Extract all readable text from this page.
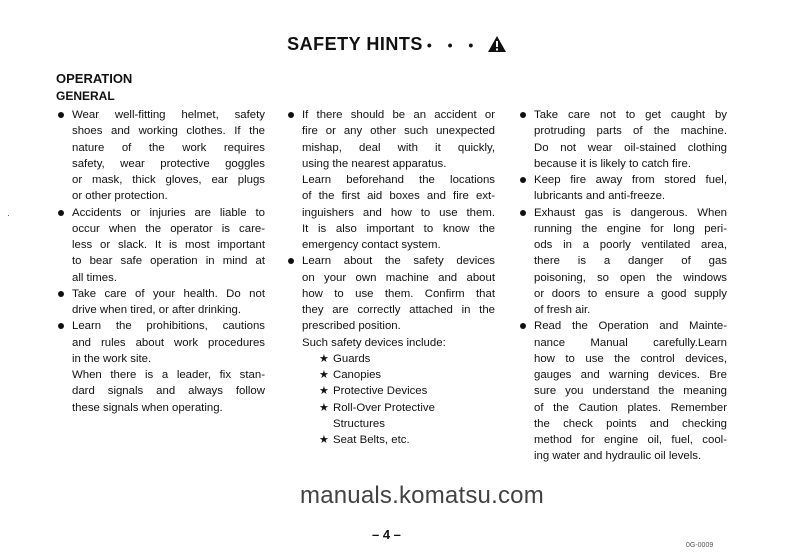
SAFETY HINTS • • •
OPERATION
GENERAL
Wear well-fitting helmet, safety
shoes and working clothes. If the
nature of the work requires
safety, wear protective goggles
or mask, thick gloves, ear plugs
or other protection.
Accidents or injuries are liable to
occur when the operator is care-
less or slack. It is most important
to bear safe operation in mind at
all times.
Take care of your health. Do not
drive when tired, or after drinking.
Learn the prohibitions, cautions
and rules about work procedures
in the work site.
When there is a leader, fix stan-
dard signals and always follow
these signals when operating.
If there should be an accident or
fire or any other such unexpected
mishap, deal with it quickly,
using the nearest apparatus.
Learn beforehand the locations
of the first aid boxes and fire ext-
inguishers and how to use them.
It is also important to know the
emergency contact system.
Learn about the safety devices
on your own machine and about
how to use them. Confirm that
they are correctly attached in the
prescribed position.
Such safety devices include:
★ Guards
★ Canopies
★ Protective Devices
★ Roll-Over Protective
Structures
★ Seat Belts, etc.
Take care not to get caught by
protruding parts of the machine.
Do not wear oil-stained clothing
because it is likely to catch fire.
Keep fire away from stored fuel,
lubricants and anti-freeze.
Exhaust gas is dangerous. When
running the engine for long peri-
ods in a poorly ventilated area,
there is a danger of gas
poisoning, so open the windows
or doors to ensure a good supply
of fresh air.
Read the Operation and Mainte-
nance Manual carefully.Learn
how to use the control devices,
gauges and warning devices. Bre
sure you understand the meaning
of the Caution plates. Remember
the check points and checking
method for engine oil, fuel, cool-
ing water and hydraulic oil levels.
manuals.komatsu.com
– 4 –
0G-0009
